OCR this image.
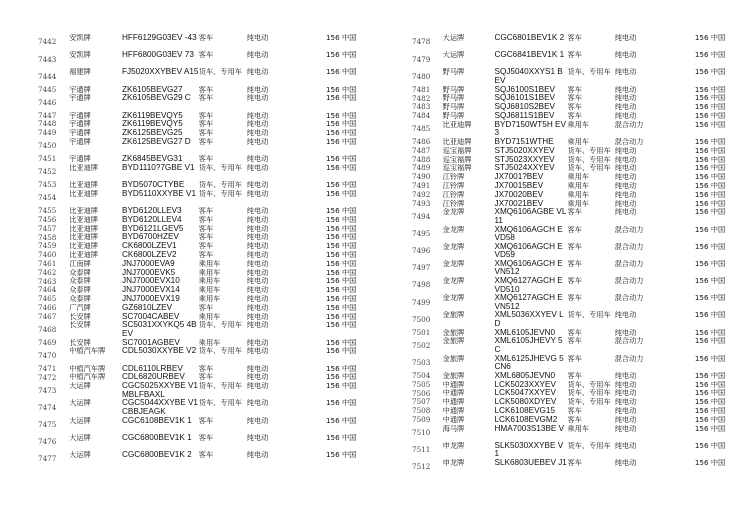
7442	安凯牌	HFF6129G03EV -43	客车	纯电动	156 中国
7443	安凯牌	HFF6800G03EV 73	客车	纯电动	156 中国
7444	福建牌	FJ5020XXYBEV A15	货车、专用车	纯电动	156 中国
7445	宇通牌	ZK6105BEVG27	客车	纯电动	156 中国
7446	宇通牌	ZK6105BEVG29 C	客车	纯电动	156 中国
7447	宇通牌	ZK6119BEVQY5	客车	纯电动	156 中国
7448	宇通牌	ZK6119BEVQY5	客车	纯电动	156 中国
7449	宇通牌	ZK6125BEVG25	客车	纯电动	156 中国
7450	宇通牌	ZK6125BEVG27 D	客车	纯电动	156 中国
7451	宇通牌	ZK6845BEVG31	客车	纯电动	156 中国
7452	比亚迪牌	BYD1110?7GBE V1	货车、专用车	纯电动	156 中国
7453	比亚迪牌	BYD5070CTYBE	货车、专用车	纯电动	156 中国
7454	比亚迪牌	BYD5110XXYBE V1	货车、专用车	纯电动	156 中国
7455	比亚迪牌	BYD6120LLEV3	客车	纯电动	156 中国
7456	比亚迪牌	BYD6120LLEV4	客车	纯电动	156 中国
7457	比亚迪牌	BYD6121LGEV5	客车	纯电动	156 中国
7458	比亚迪牌	BYD6700HZEV	客车	纯电动	156 中国
7459	比亚迪牌	CK6800LZEV1	客车	纯电动	156 中国
7460	比亚迪牌	CK6800LZEV2	客车	纯电动	156 中国
7461	江南牌	JNJ7000EVA9	乘用车	纯电动	156 中国
7462	众泰牌	JNJ7000EVK5	乘用车	纯电动	156 中国
7463	众泰牌	JNJ7000EVX10	乘用车	纯电动	156 中国
7464	众泰牌	JNJ7000EVX14	乘用车	纯电动	156 中国
7465	众泰牌	JNJ7000EVX19	乘用车	纯电动	156 中国
7466	广汽牌	GZ6810LZEV	客车	纯电动	156 中国
7467	长安牌	SC7004CABEV	乘用车	纯电动	156 中国
7468	长安牌	SC5031XXYKQ5 4BEV	货车、专用车	纯电动	156 中国
7469	长安牌	SC7001AGBEV	乘用车	纯电动	156 中国
7470	中植汽车牌	CDL5030XXYBE V2	货车、专用车	纯电动	156 中国
7471	中植汽车牌	CDL6110LRBEV	客车	纯电动	156 中国
7472	中植汽车牌	CDL6820URBEV	客车	纯电动	156 中国
7473	大运牌	CGC5025XXYBE V1MBLFBAXL	货车、专用车	纯电动	156 中国
7474	大运牌	CGC5044XXYBE V1CBBJEAGK	货车、专用车	纯电动	156 中国
7475	大运牌	CGC6108BEV1K 1	客车	纯电动	156 中国
7476	大运牌	CGC6800BEV1K 1	客车	纯电动	156 中国
7477	大运牌	CGC6800BEV1K 2	客车	纯电动	156 中国
7478	大运牌	CGC6801BEV1K 2	客车	纯电动	156 中国
7479	大运牌	CGC6841BEV1K 1	客车	纯电动	156 中国
7480	野马牌	SQJ5040XXYS1 BEV	货车、专用车	纯电动	156 中国
7481	野马牌	SQJ6100S1BEV	客车	纯电动	156 中国
7482	野马牌	SQJ6101S1BEV	客车	纯电动	156 中国
7483	野马牌	SQJ6810S2BEV	客车	纯电动	156 中国
7484	野马牌	SQJ6811S1BEV	客车	纯电动	156 中国
7485	比亚迪牌	BYD7150WT5H EV3	乘用车	混合动力	156 中国
7486	比亚迪牌	BYD7151WTHE	乘用车	混合动力	156 中国
7487	巡宝福牌	STJ5020XXYEV	货车、专用车	纯电动	156 中国
7488	巡宝福牌	STJ5023XXYEV	货车、专用车	纯电动	156 中国
7489	巡宝福牌	STJ5024XXYEV	货车、专用车	纯电动	156 中国
7490	江铃牌	JX7001?BEV	乘用车	纯电动	156 中国
7491	江铃牌	JX70015BEV	乘用车	纯电动	156 中国
7492	江铃牌	JX70020BEV	乘用车	纯电动	156 中国
7493	江铃牌	JX70021BEV	乘用车	纯电动	156 中国
7494	金龙牌	XMQ6106AGBE VL11	客车	纯电动	156 中国
7495	金龙牌	XMQ6106AGCH EVD58	客车	混合动力	156 中国
7496	金龙牌	XMQ6106AGCH EVD59	客车	混合动力	156 中国
7497	金龙牌	XMQ6106AGCH EVN512	客车	混合动力	156 中国
7498	金龙牌	XMQ6127AGCH EVD510	客车	混合动力	156 中国
7499	金龙牌	XMQ6127AGCH EVN512	客车	混合动力	156 中国
7500	金旅牌	XML5036XXYEV LD	货车、专用车	纯电动	156 中国
7501	金旅牌	XML6105JEVN0	客车	纯电动	156 中国
7502	金旅牌	XML6105JHEVY 5C	客车	混合动力	156 中国
7503	金旅牌	XML6125JHEVG 5CN6	客车	混合动力	156 中国
7504	金旅牌	XML6805JEVN0	客车	纯电动	156 中国
7505	中通牌	LCK5023XXYEV	货车、专用车	纯电动	156 中国
7506	中通牌	LCK5047XXYEV	货车、专用车	纯电动	156 中国
7507	中通牌	LCK5080XDYEV	货车、专用车	纯电动	156 中国
7508	中通牌	LCK6108EVG15	客车	纯电动	156 中国
7509	中通牌	LCK6108EVGM2	客车	纯电动	156 中国
7510	海马牌	HMA7003S13BE V	乘用车	纯电动	156 中国
7511	申龙牌	SLK5030XXYBE V1	货车、专用车	纯电动	156 中国
7512	申龙牌	SLK6803UEBEV J1	客车	纯电动	156 中国
